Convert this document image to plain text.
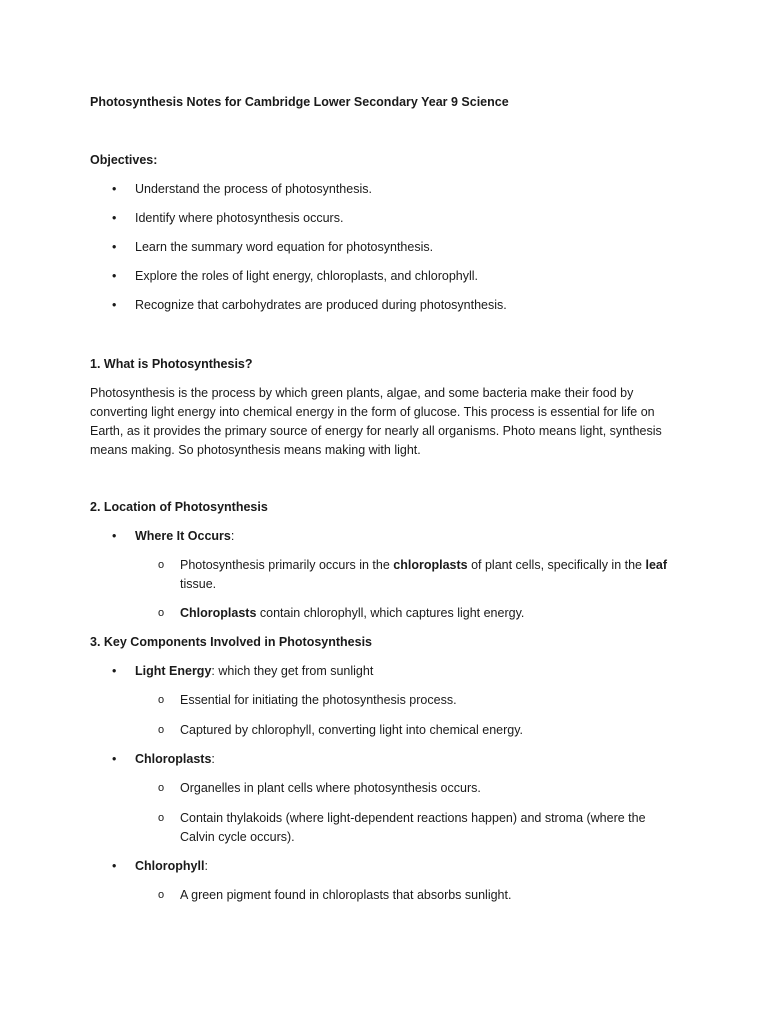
Photosynthesis Notes for Cambridge Lower Secondary Year 9 Science

Objectives:

•	Understand the process of photosynthesis.
•	Identify where photosynthesis occurs.
•	Learn the summary word equation for photosynthesis.
•	Explore the roles of light energy, chloroplasts, and chlorophyll.
•	Recognize that carbohydrates are produced during photosynthesis.

1. What is Photosynthesis?

Photosynthesis is the process by which green plants, algae, and some bacteria make their food by converting light energy into chemical energy in the form of glucose. This process is essential for life on Earth, as it provides the primary source of energy for nearly all organisms. Photo means light, synthesis means making. So photosynthesis means making with light.

2. Location of Photosynthesis

•	Where It Occurs:
o Photosynthesis primarily occurs in the chloroplasts of plant cells, specifically in the leaf tissue.
o Chloroplasts contain chlorophyll, which captures light energy.

3. Key Components Involved in Photosynthesis

•	Light Energy: which they get from sunlight
o Essential for initiating the photosynthesis process.
o Captured by chlorophyll, converting light into chemical energy.
•	Chloroplasts:
o Organelles in plant cells where photosynthesis occurs.
o Contain thylakoids (where light-dependent reactions happen) and stroma (where the Calvin cycle occurs).
•	Chlorophyll:
o A green pigment found in chloroplasts that absorbs sunlight.
